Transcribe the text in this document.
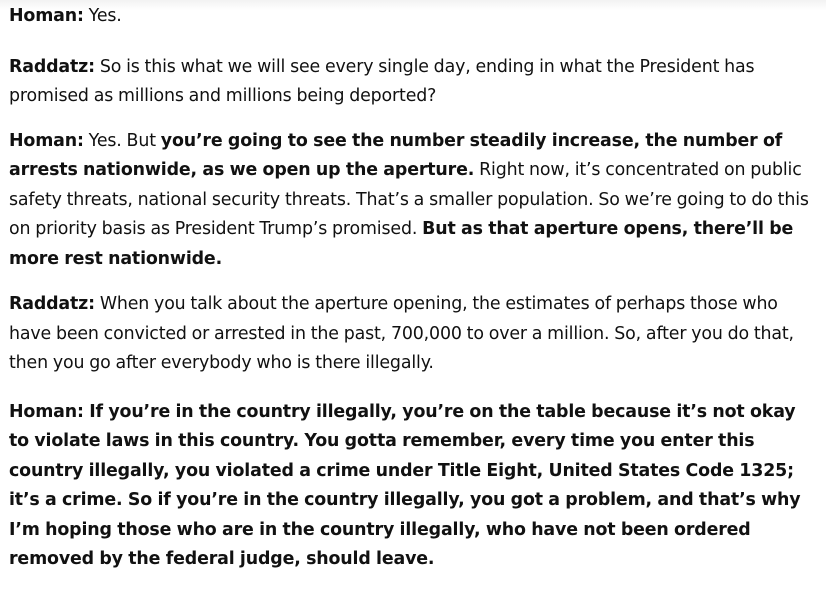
Homan: Yes.

Raddatz: So is this what we will see every single day, ending in what the President has promised as millions and millions being deported?

Homan: Yes. But you’re going to see the number steadily increase, the number of arrests nationwide, as we open up the aperture. Right now, it’s concentrated on public safety threats, national security threats. That’s a smaller population. So we’re going to do this on priority basis as President Trump’s promised. But as that aperture opens, there’ll be more rest nationwide.

Raddatz: When you talk about the aperture opening, the estimates of perhaps those who have been convicted or arrested in the past, 700,000 to over a million. So, after you do that, then you go after everybody who is there illegally.

Homan: If you’re in the country illegally, you’re on the table because it’s not okay to violate laws in this country. You gotta remember, every time you enter this country illegally, you violated a crime under Title Eight, United States Code 1325; it’s a crime. So if you’re in the country illegally, you got a problem, and that’s why I’m hoping those who are in the country illegally, who have not been ordered removed by the federal judge, should leave.
